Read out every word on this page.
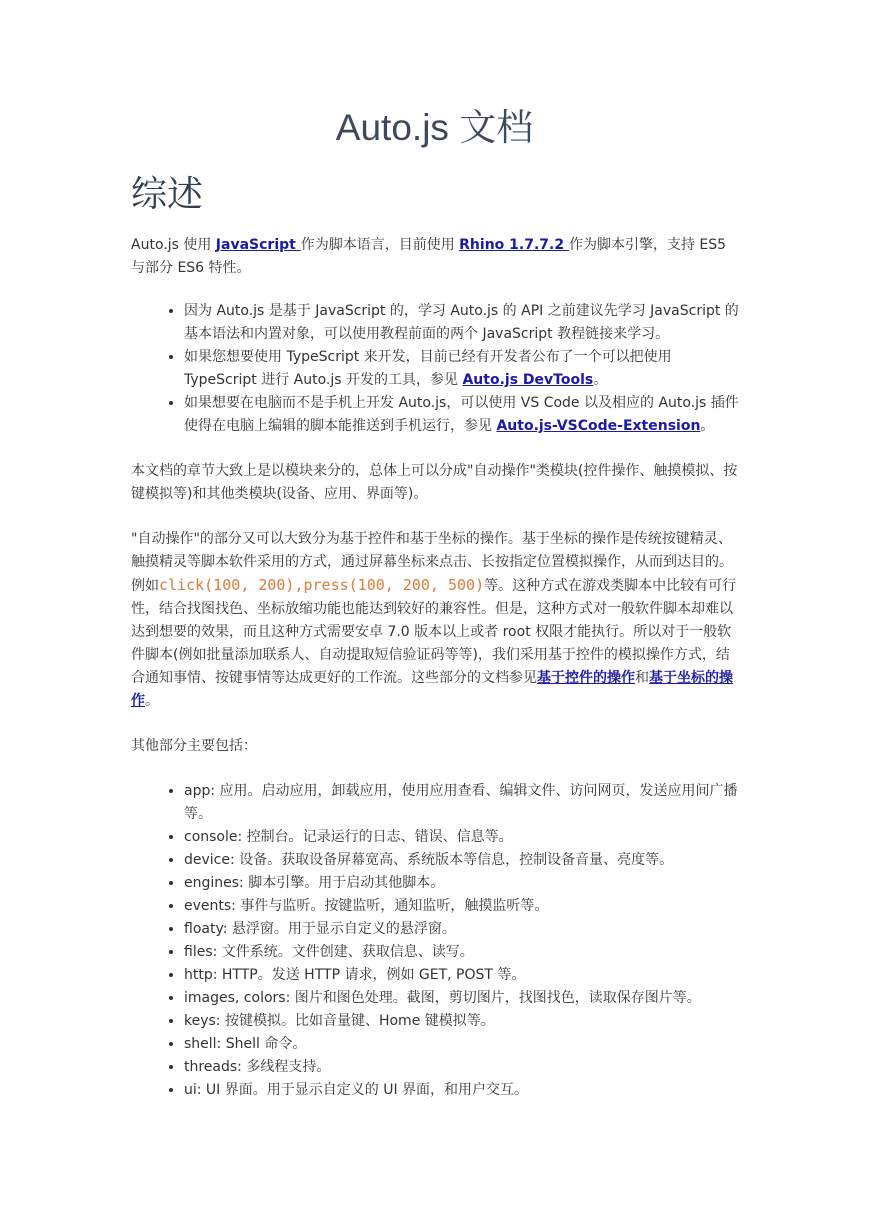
Auto.js 文档
综述

Auto.js 使用 JavaScript 作为脚本语言，目前使用 Rhino 1.7.7.2 作为脚本引擎，支持 ES5 与部分 ES6 特性。

• 因为 Auto.js 是基于 JavaScript 的，学习 Auto.js 的 API 之前建议先学习 JavaScript 的基本语法和内置对象，可以使用教程前面的两个 JavaScript 教程链接来学习。
• 如果您想要使用 TypeScript 来开发，目前已经有开发者公布了一个可以把使用 TypeScript 进行 Auto.js 开发的工具，参见 Auto.js DevTools。
• 如果想要在电脑而不是手机上开发 Auto.js，可以使用 VS Code 以及相应的 Auto.js 插件使得在电脑上编辑的脚本能推送到手机运行，参见 Auto.js-VSCode-Extension。

本文档的章节大致上是以模块来分的，总体上可以分成"自动操作"类模块(控件操作、触摸模拟、按键模拟等)和其他类模块(设备、应用、界面等)。

"自动操作"的部分又可以大致分为基于控件和基于坐标的操作。基于坐标的操作是传统按键精灵、触摸精灵等脚本软件采用的方式，通过屏幕坐标来点击、长按指定位置模拟操作，从而到达目的。例如click(100, 200),press(100, 200, 500)等。这种方式在游戏类脚本中比较有可行性，结合找图找色、坐标放缩功能也能达到较好的兼容性。但是，这种方式对一般软件脚本却难以达到想要的效果，而且这种方式需要安卓 7.0 版本以上或者 root 权限才能执行。所以对于一般软件脚本(例如批量添加联系人、自动提取短信验证码等等)，我们采用基于控件的模拟操作方式，结合通知事情、按键事情等达成更好的工作流。这些部分的文档参见基于控件的操作和基于坐标的操作。

其他部分主要包括：

• app: 应用。启动应用，卸载应用，使用应用查看、编辑文件、访问网页，发送应用间广播等。
• console: 控制台。记录运行的日志、错误、信息等。
• device: 设备。获取设备屏幕宽高、系统版本等信息，控制设备音量、亮度等。
• engines: 脚本引擎。用于启动其他脚本。
• events: 事件与监听。按键监听，通知监听，触摸监听等。
• floaty: 悬浮窗。用于显示自定义的悬浮窗。
• files: 文件系统。文件创建、获取信息、读写。
• http: HTTP。发送 HTTP 请求，例如 GET, POST 等。
• images, colors: 图片和图色处理。截图，剪切图片，找图找色，读取保存图片等。
• keys: 按键模拟。比如音量键、Home 键模拟等。
• shell: Shell 命令。
• threads: 多线程支持。
• ui: UI 界面。用于显示自定义的 UI 界面，和用户交互。
